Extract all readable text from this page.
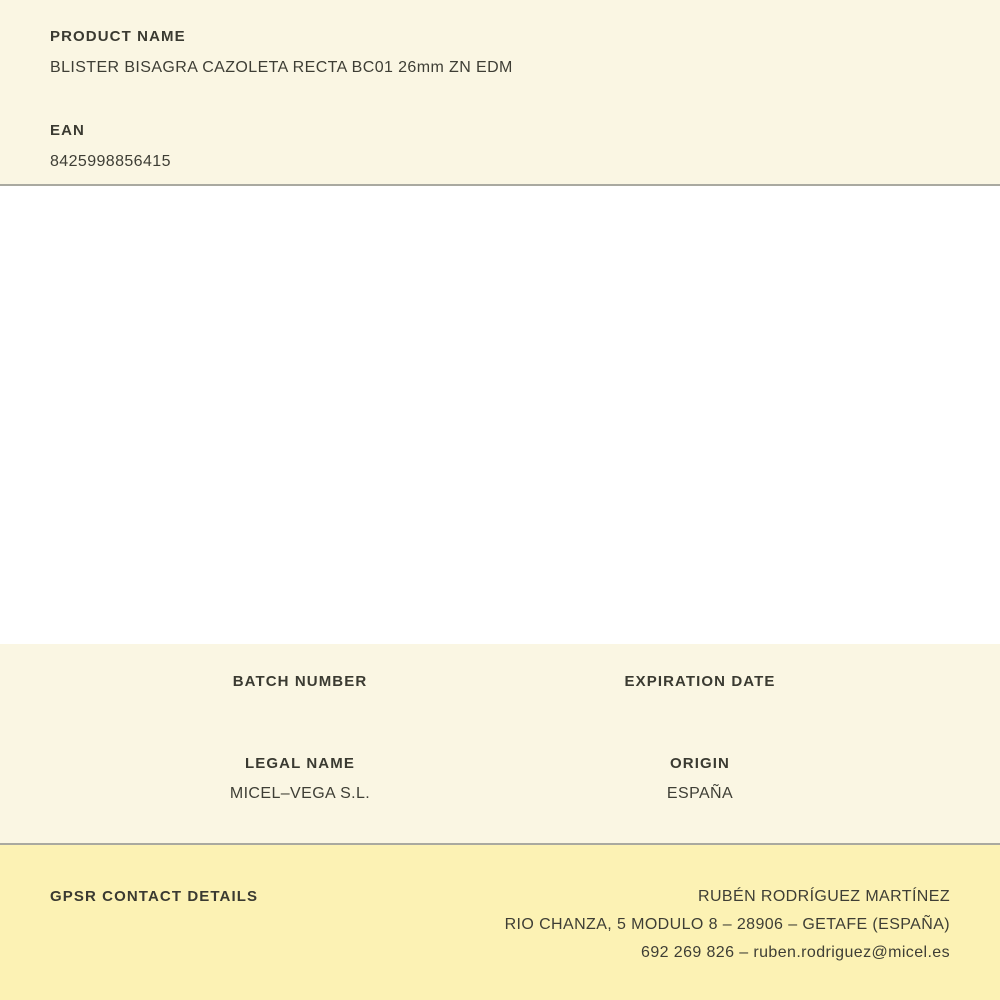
PRODUCT NAME
BLISTER BISAGRA CAZOLETA RECTA BC01 26mm ZN EDM
EAN
8425998856415
BATCH NUMBER	EXPIRATION DATE
LEGAL NAME
MICEL–VEGA S.L.
ORIGIN
ESPAÑA
GPSR CONTACT DETAILS	RUBÉN RODRÍGUEZ MARTÍNEZ
RIO CHANZA, 5 MODULO 8 – 28906 – GETAFE (ESPAÑA)
692 269 826 – ruben.rodriguez@micel.es
